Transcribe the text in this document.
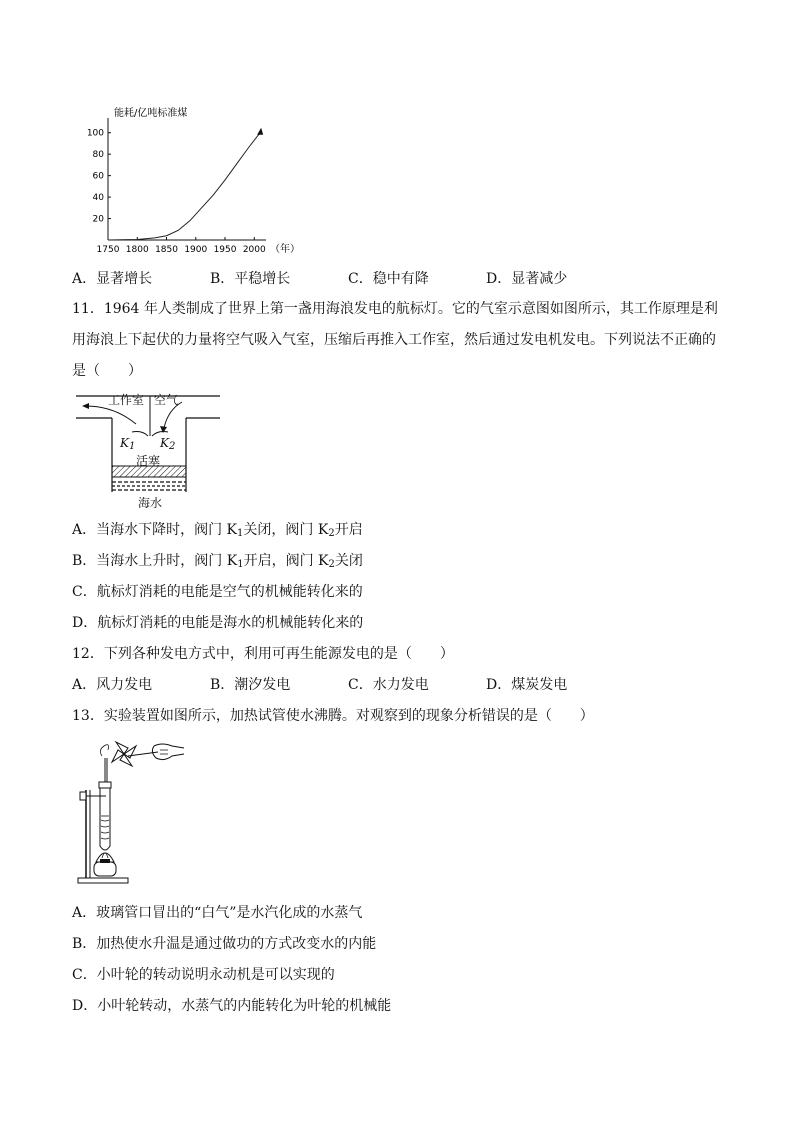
能耗/亿吨标准煤
1750 1800 1850 1900 1950 2000
20
40
60
80
100
（年）
A．显著增长	B．平稳增长	C．稳中有降	D．显著减少
11．1964 年人类制成了世界上第一盏用海浪发电的航标灯。它的气室示意图如图所示，其工作原理是利用海浪上下起伏的力量将空气吸入气室，压缩后再推入工作室，然后通过发电机发电。下列说法不正确的是（　　）
工作室 空气
$K_1$ $K_2$
活塞
海水
A．当海水下降时，阀门 $K_1$关闭，阀门 $K_2$开启
B．当海水上升时，阀门 $K_1$开启，阀门 $K_2$关闭
C．航标灯消耗的电能是空气的机械能转化来的
D．航标灯消耗的电能是海水的机械能转化来的
12．下列各种发电方式中，利用可再生能源发电的是（　　）
A．风力发电	B．潮汐发电	C．水力发电	D．煤炭发电
13．实验装置如图所示，加热试管使水沸腾。对观察到的现象分析错误的是（　　）
A．玻璃管口冒出的“白气”是水汽化成的水蒸气
B．加热使水升温是通过做功的方式改变水的内能
C．小叶轮的转动说明永动机是可以实现的
D．小叶轮转动，水蒸气的内能转化为叶轮的机械能
